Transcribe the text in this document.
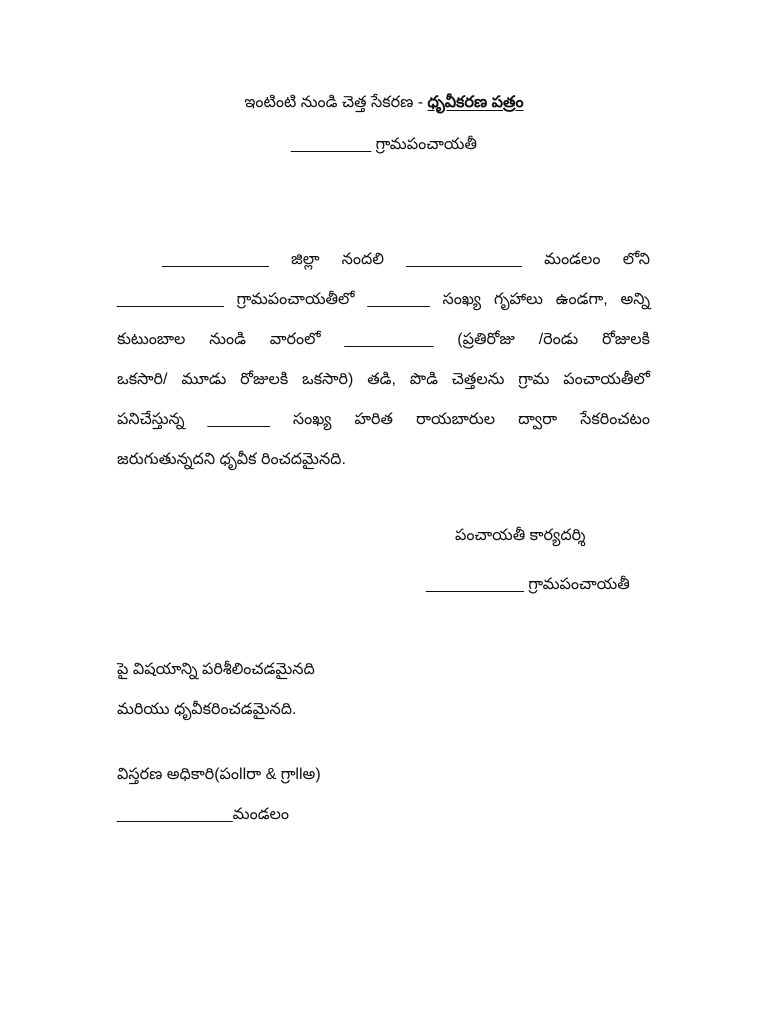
ఇంటింటి నుండి చెత్త సేకరణ - ధృవీకరణ పత్రం
_________ గ్రామపంచాయతీ
____________ జిల్లా నందలి _____________ మండలం లోని
____________ గ్రామపంచాయతీలో _______ సంఖ్య గృహాలు ఉండగా, అన్ని
కుటుంబాల నుండి వారంలో __________ (ప్రతిరోజు /రెండు రోజులకి
ఒకసారి/ మూడు రోజులకి ఒకసారి) తడి, పొడి చెత్తలను గ్రామ పంచాయతీలో
పనిచేస్తున్న _______ సంఖ్య హరిత రాయబారుల ద్వారా సేకరించటం
జరుగుతున్నదని ధృవీక రించదమైనది.
పంచాయతీ కార్యదర్శి
___________ గ్రామపంచాయతీ
పై విషయాన్ని పరిశీలించడమైనది
మరియు ధృవీకరించడమైనది.
విస్తరణ అధికారి(పంllరా & గ్రాllఅ)
_____________మండలం
